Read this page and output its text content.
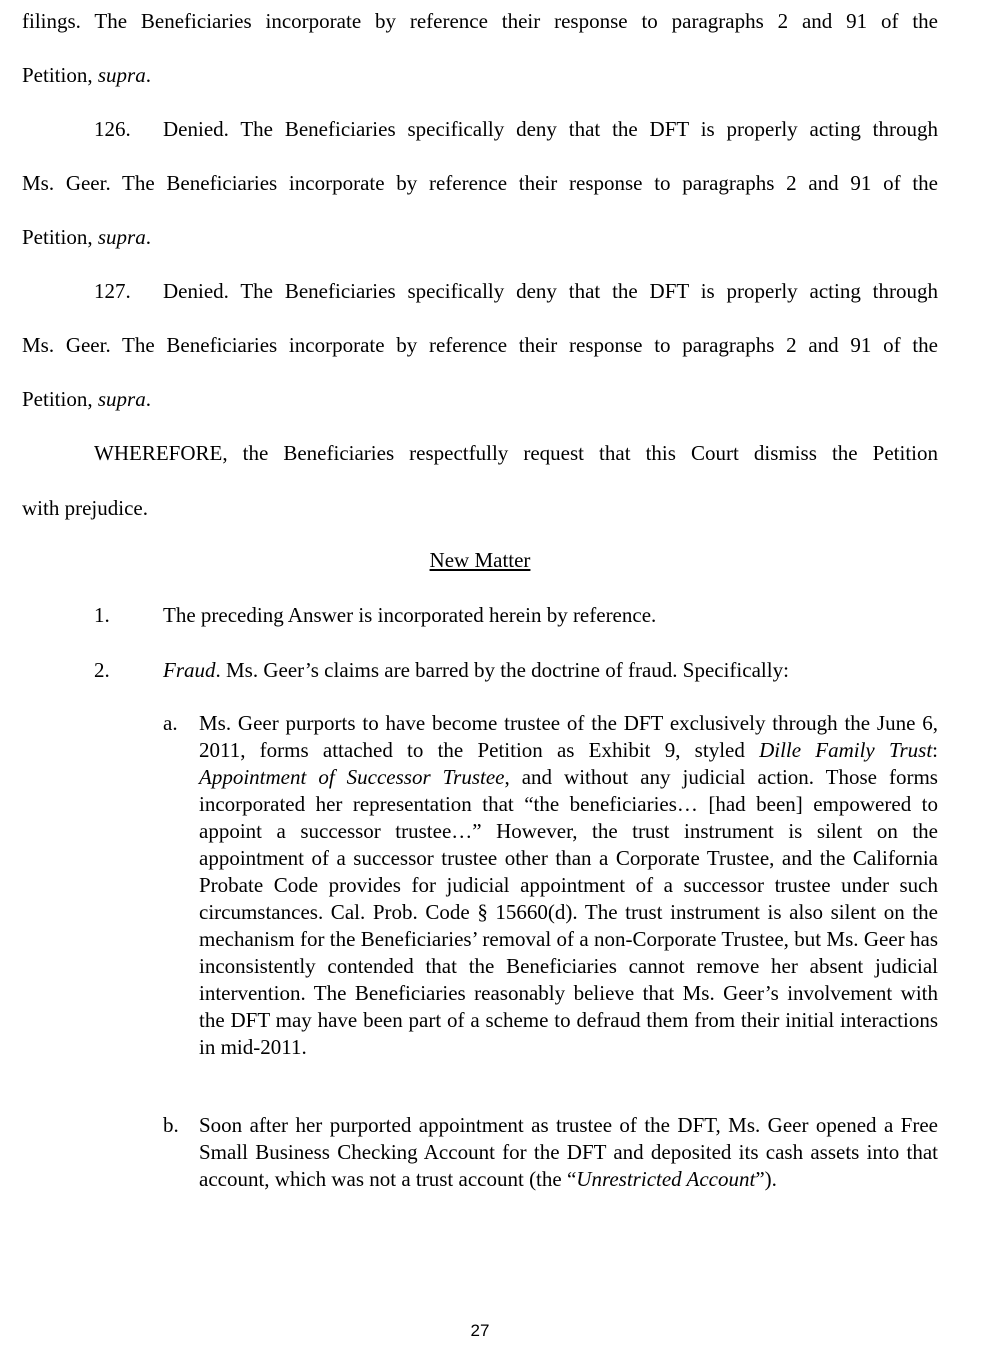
filings. The Beneficiaries incorporate by reference their response to paragraphs 2 and 91 of the
Petition, supra.
126.	Denied. The Beneficiaries specifically deny that the DFT is properly acting through
Ms. Geer. The Beneficiaries incorporate by reference their response to paragraphs 2 and 91 of the
Petition, supra.
127.	Denied. The Beneficiaries specifically deny that the DFT is properly acting through
Ms. Geer. The Beneficiaries incorporate by reference their response to paragraphs 2 and 91 of the
Petition, supra.
WHEREFORE, the Beneficiaries respectfully request that this Court dismiss the Petition
with prejudice.
New Matter
1.	The preceding Answer is incorporated herein by reference.
2.	Fraud. Ms. Geer’s claims are barred by the doctrine of fraud. Specifically:
a. Ms. Geer purports to have become trustee of the DFT exclusively through the June 6, 2011, forms attached to the Petition as Exhibit 9, styled Dille Family Trust: Appointment of Successor Trustee, and without any judicial action. Those forms incorporated her representation that “the beneficiaries… [had been] empowered to appoint a successor trustee…” However, the trust instrument is silent on the appointment of a successor trustee other than a Corporate Trustee, and the California Probate Code provides for judicial appointment of a successor trustee under such circumstances. Cal. Prob. Code § 15660(d). The trust instrument is also silent on the mechanism for the Beneficiaries’ removal of a non-Corporate Trustee, but Ms. Geer has inconsistently contended that the Beneficiaries cannot remove her absent judicial intervention. The Beneficiaries reasonably believe that Ms. Geer’s involvement with the DFT may have been part of a scheme to defraud them from their initial interactions in mid-2011.
b. Soon after her purported appointment as trustee of the DFT, Ms. Geer opened a Free Small Business Checking Account for the DFT and deposited its cash assets into that account, which was not a trust account (the “Unrestricted Account”).
27
